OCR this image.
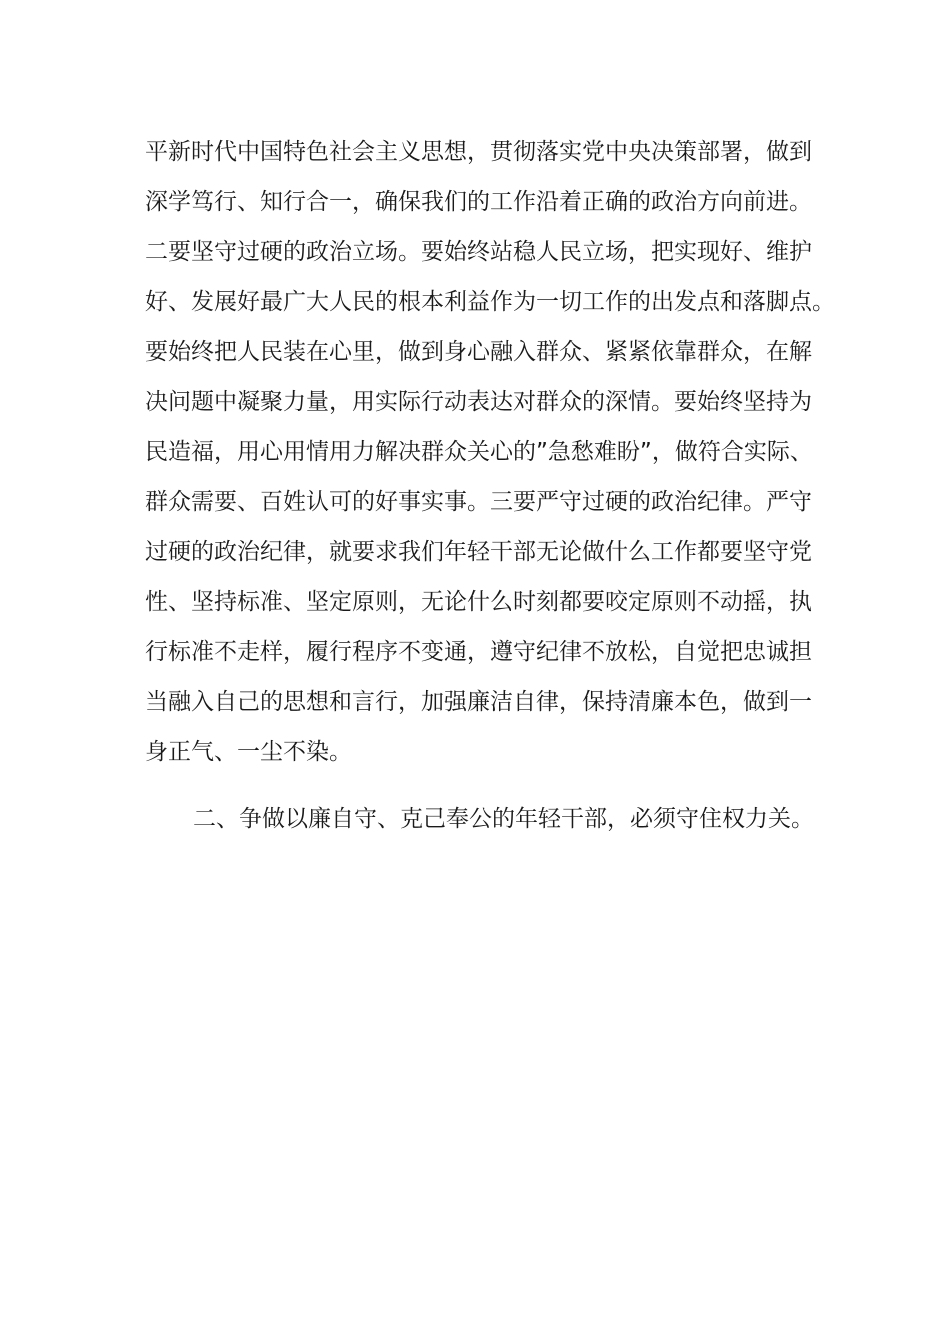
平新时代中国特色社会主义思想，贯彻落实党中央决策部署，做到
深学笃行、知行合一，确保我们的工作沿着正确的政治方向前进。
二要坚守过硬的政治立场。要始终站稳人民立场，把实现好、维护
好、发展好最广大人民的根本利益作为一切工作的出发点和落脚点。
要始终把人民装在心里，做到身心融入群众、紧紧依靠群众，在解
决问题中凝聚力量，用实际行动表达对群众的深情。要始终坚持为
民造福，用心用情用力解决群众关心的”急愁难盼”，做符合实际、
群众需要、百姓认可的好事实事。三要严守过硬的政治纪律。严守
过硬的政治纪律，就要求我们年轻干部无论做什么工作都要坚守党
性、坚持标准、坚定原则，无论什么时刻都要咬定原则不动摇，执
行标准不走样，履行程序不变通，遵守纪律不放松，自觉把忠诚担
当融入自己的思想和言行，加强廉洁自律，保持清廉本色，做到一
身正气、一尘不染。
二、争做以廉自守、克己奉公的年轻干部，必须守住权力关。
